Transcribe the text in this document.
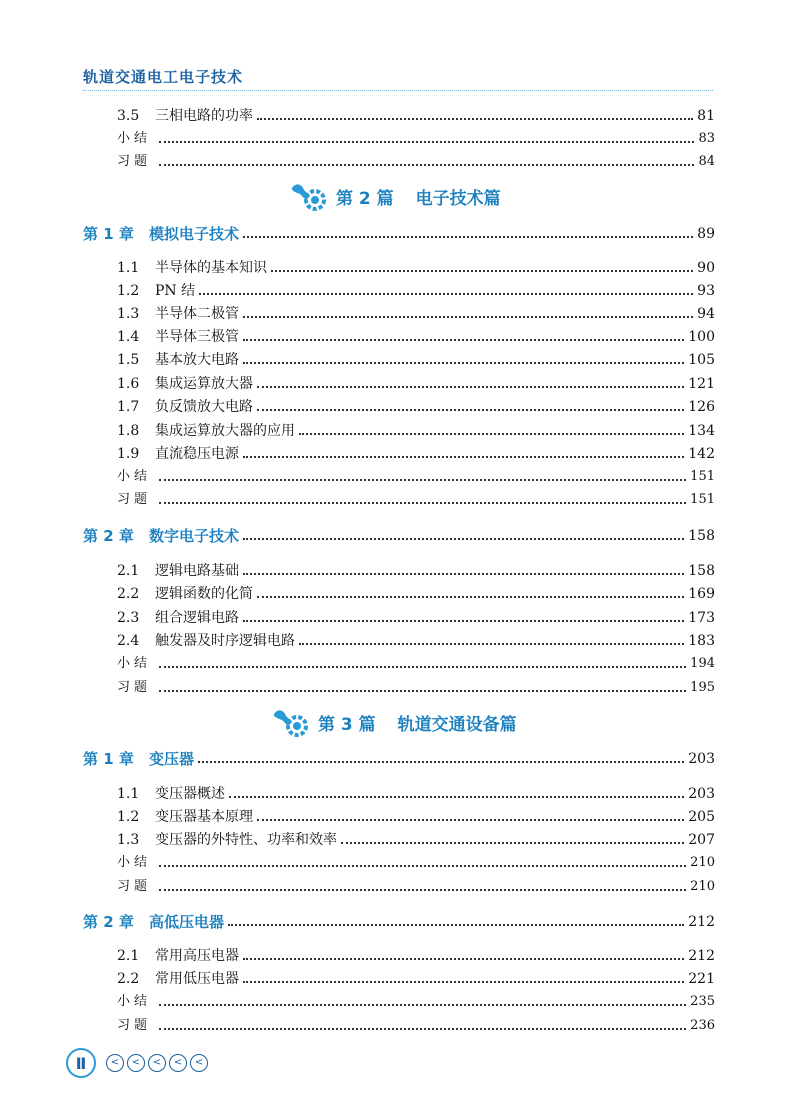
轨道交通电工电子技术
3.5	三相电路的功率	81
小结	83
习题	84
第 2 篇 电子技术篇
第 1 章	模拟电子技术	89
1.1	半导体的基本知识	90
1.2	PN 结	93
1.3	半导体二极管	94
1.4	半导体三极管	100
1.5	基本放大电路	105
1.6	集成运算放大器	121
1.7	负反馈放大电路	126
1.8	集成运算放大器的应用	134
1.9	直流稳压电源	142
小结	151
习题	151
第 2 章	数字电子技术	158
2.1	逻辑电路基础	158
2.2	逻辑函数的化简	169
2.3	组合逻辑电路	173
2.4	触发器及时序逻辑电路	183
小结	194
习题	195
第 3 篇 轨道交通设备篇
第 1 章	变压器	203
1.1	变压器概述	203
1.2	变压器基本原理	205
1.3	变压器的外特性、功率和效率	207
小结	210
习题	210
第 2 章	高低压电器	212
2.1	常用高压电器	212
2.2	常用低压电器	221
小结	235
习题	236
Ⅱ	<	<	<	<	<
